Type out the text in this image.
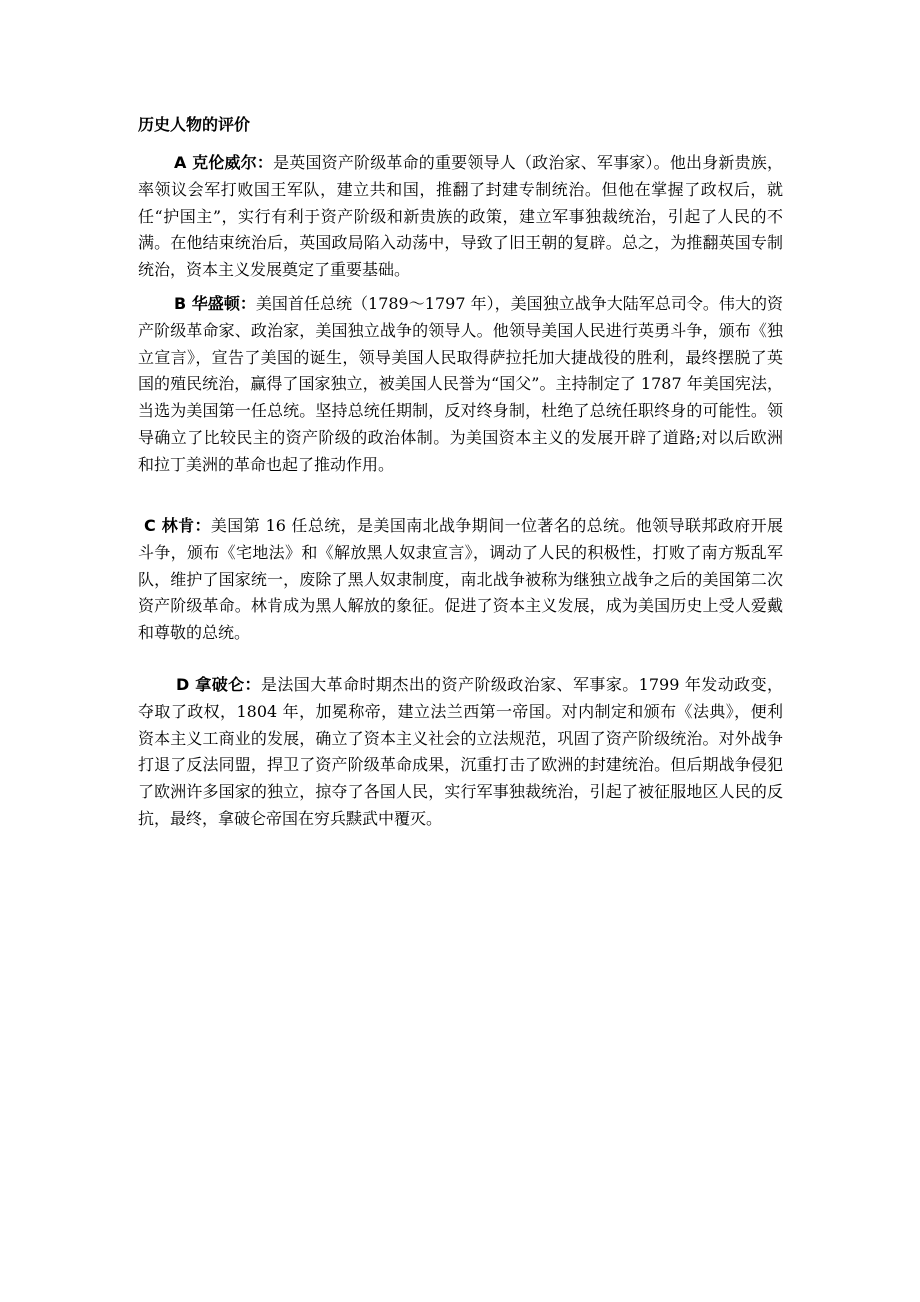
历史人物的评价

A 克伦威尔：是英国资产阶级革命的重要领导人（政治家、军事家）。他出身新贵族，率领议会军打败国王军队，建立共和国，推翻了封建专制统治。但他在掌握了政权后，就任“护国主”，实行有利于资产阶级和新贵族的政策，建立军事独裁统治，引起了人民的不满。在他结束统治后，英国政局陷入动荡中，导致了旧王朝的复辟。总之，为推翻英国专制统治，资本主义发展奠定了重要基础。

B 华盛顿：美国首任总统（1789～1797 年），美国独立战争大陆军总司令。伟大的资产阶级革命家、政治家，美国独立战争的领导人。他领导美国人民进行英勇斗争，颁布《独立宣言》，宣告了美国的诞生，领导美国人民取得萨拉托加大捷战役的胜利，最终摆脱了英国的殖民统治，赢得了国家独立，被美国人民誉为“国父”。主持制定了 1787 年美国宪法，当选为美国第一任总统。坚持总统任期制，反对终身制，杜绝了总统任职终身的可能性。领导确立了比较民主的资产阶级的政治体制。为美国资本主义的发展开辟了道路;对以后欧洲和拉丁美洲的革命也起了推动作用。

C 林肯：美国第 16 任总统，是美国南北战争期间一位著名的总统。他领导联邦政府开展斗争，颁布《宅地法》和《解放黑人奴隶宣言》，调动了人民的积极性，打败了南方叛乱军队，维护了国家统一，废除了黑人奴隶制度，南北战争被称为继独立战争之后的美国第二次资产阶级革命。林肯成为黑人解放的象征。促进了资本主义发展，成为美国历史上受人爱戴和尊敬的总统。

D 拿破仑：是法国大革命时期杰出的资产阶级政治家、军事家。1799 年发动政变，夺取了政权，1804 年，加冕称帝，建立法兰西第一帝国。对内制定和颁布《法典》，便利资本主义工商业的发展，确立了资本主义社会的立法规范，巩固了资产阶级统治。对外战争打退了反法同盟，捍卫了资产阶级革命成果，沉重打击了欧洲的封建统治。但后期战争侵犯了欧洲许多国家的独立，掠夺了各国人民，实行军事独裁统治，引起了被征服地区人民的反抗，最终，拿破仑帝国在穷兵黩武中覆灭。
